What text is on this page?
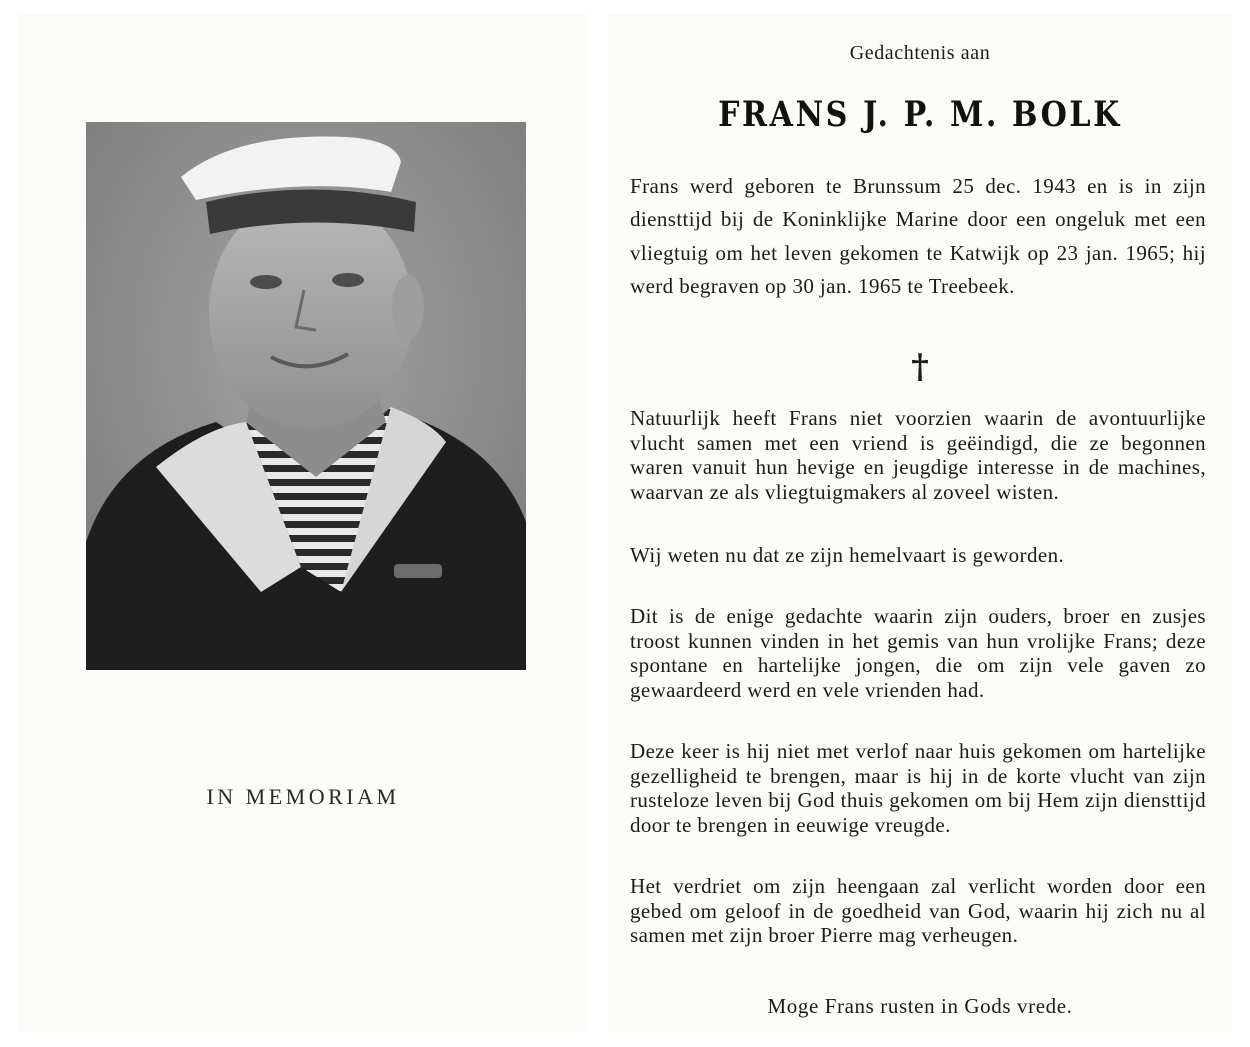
IN MEMORIAM
Gedachtenis aan
FRANS J. P. M. BOLK
Frans werd geboren te Brunssum 25 dec. 1943 en is in zijn diensttijd bij de Koninklijke Marine door een ongeluk met een vliegtuig om het leven gekomen te Katwijk op 23 jan. 1965; hij werd begraven op 30 jan. 1965 te Treebeek.
†
Natuurlijk heeft Frans niet voorzien waarin de avontuurlijke vlucht samen met een vriend is geëindigd, die ze begonnen waren vanuit hun hevige en jeugdige interesse in de machines, waarvan ze als vliegtuigmakers al zoveel wisten.
Wij weten nu dat ze zijn hemelvaart is geworden.
Dit is de enige gedachte waarin zijn ouders, broer en zusjes troost kunnen vinden in het gemis van hun vrolijke Frans; deze spontane en hartelijke jongen, die om zijn vele gaven zo gewaardeerd werd en vele vrienden had.
Deze keer is hij niet met verlof naar huis gekomen om hartelijke gezelligheid te brengen, maar is hij in de korte vlucht van zijn rusteloze leven bij God thuis gekomen om bij Hem zijn diensttijd door te brengen in eeuwige vreugde.
Het verdriet om zijn heengaan zal verlicht worden door een gebed om geloof in de goedheid van God, waarin hij zich nu al samen met zijn broer Pierre mag verheugen.
Moge Frans rusten in Gods vrede.
